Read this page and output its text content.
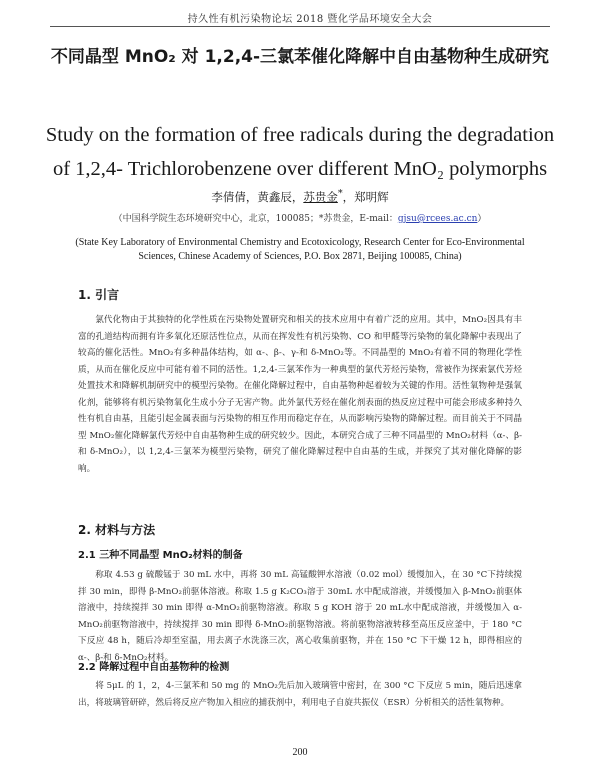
持久性有机污染物论坛 2018 暨化学品环境安全大会
不同晶型 MnO₂ 对 1,2,4-三氯苯催化降解中自由基物种生成研究
Study on the formation of free radicals during the degradation of 1,2,4- Trichlorobenzene over different MnO₂ polymorphs
李倩倩，黄鑫辰，苏贵金*，郑明辉
（中国科学院生态环境研究中心，北京，100085；*苏贵金，E-mail：gjsu@rcees.ac.cn）
(State Key Laboratory of Environmental Chemistry and Ecotoxicology, Research Center for Eco-Environmental Sciences, Chinese Academy of Sciences, P.O. Box 2871, Beijing 100085, China)
1. 引言
氯代化物由于其独特的化学性质在污染物处置研究和相关的技术应用中有着广泛的应用。其中，MnO₂因具有丰富的孔道结构而拥有许多氧化还原活性位点，从而在挥发性有机污染物、CO 和甲醛等污染物的氧化降解中表现出了较高的催化活性。MnO₂有多种晶体结构，如 α-、β-、γ-和 δ-MnO₂等。不同晶型的 MnO₂有着不同的物理化学性质，从而在催化反应中可能有着不同的活性。1,2,4-三氯苯作为一种典型的氯代芳烃污染物，常被作为探索氯代芳烃处置技术和降解机制研究中的模型污染物。在催化降解过程中，自由基物种起着较为关键的作用。活性氧物种是强氧化剂，能够将有机污染物氧化生成小分子无害产物。此外氯代芳烃在催化剂表面的热反应过程中可能会形成多种持久性有机自由基，且能引起金属表面与污染物的相互作用而稳定存在，从而影响污染物的降解过程。而目前关于不同晶型 MnO₂催化降解氯代芳烃中自由基物种生成的研究较少。因此，本研究合成了三种不同晶型的 MnO₂材料（α-、β-和 δ-MnO₂），以 1,2,4-三氯苯为模型污染物，研究了催化降解过程中自由基的生成，并探究了其对催化降解的影响。
2. 材料与方法
2.1 三种不同晶型 MnO₂材料的制备
称取 4.53 g 硫酸锰于 30 mL 水中，再将 30 mL 高锰酸钾水溶液（0.02 mol）缓慢加入，在 30 °C下持续搅拌 30 min，即得 β-MnO₂前驱体溶液。称取 1.5 g K₂CO₃溶于 30mL 水中配成溶液，并缓慢加入 β-MnO₂前驱体溶液中，持续搅拌 30 min 即得 α-MnO₂前驱物溶液。称取 5 g KOH 溶于 20 mL水中配成溶液，并缓慢加入 α-MnO₂前驱物溶液中，持续搅拌 30 min 即得 δ-MnO₂前驱物溶液。将前驱物溶液转移至高压反应釜中，于 180 °C 下反应 48 h，随后冷却至室温，用去离子水洗涤三次，离心收集前驱物，并在 150 °C 下干燥 12 h，即得相应的 α-、β-和 δ-MnO₂材料。
2.2 降解过程中自由基物种的检测
将 5μL 的 1，2，4-三氯苯和 50 mg 的 MnO₂先后加入玻璃管中密封，在 300 °C 下反应 5 min，随后迅速拿出，将玻璃管研碎，然后将反应产物加入相应的捕获剂中，利用电子自旋共振仪（ESR）分析相关的活性氧物种。
200
